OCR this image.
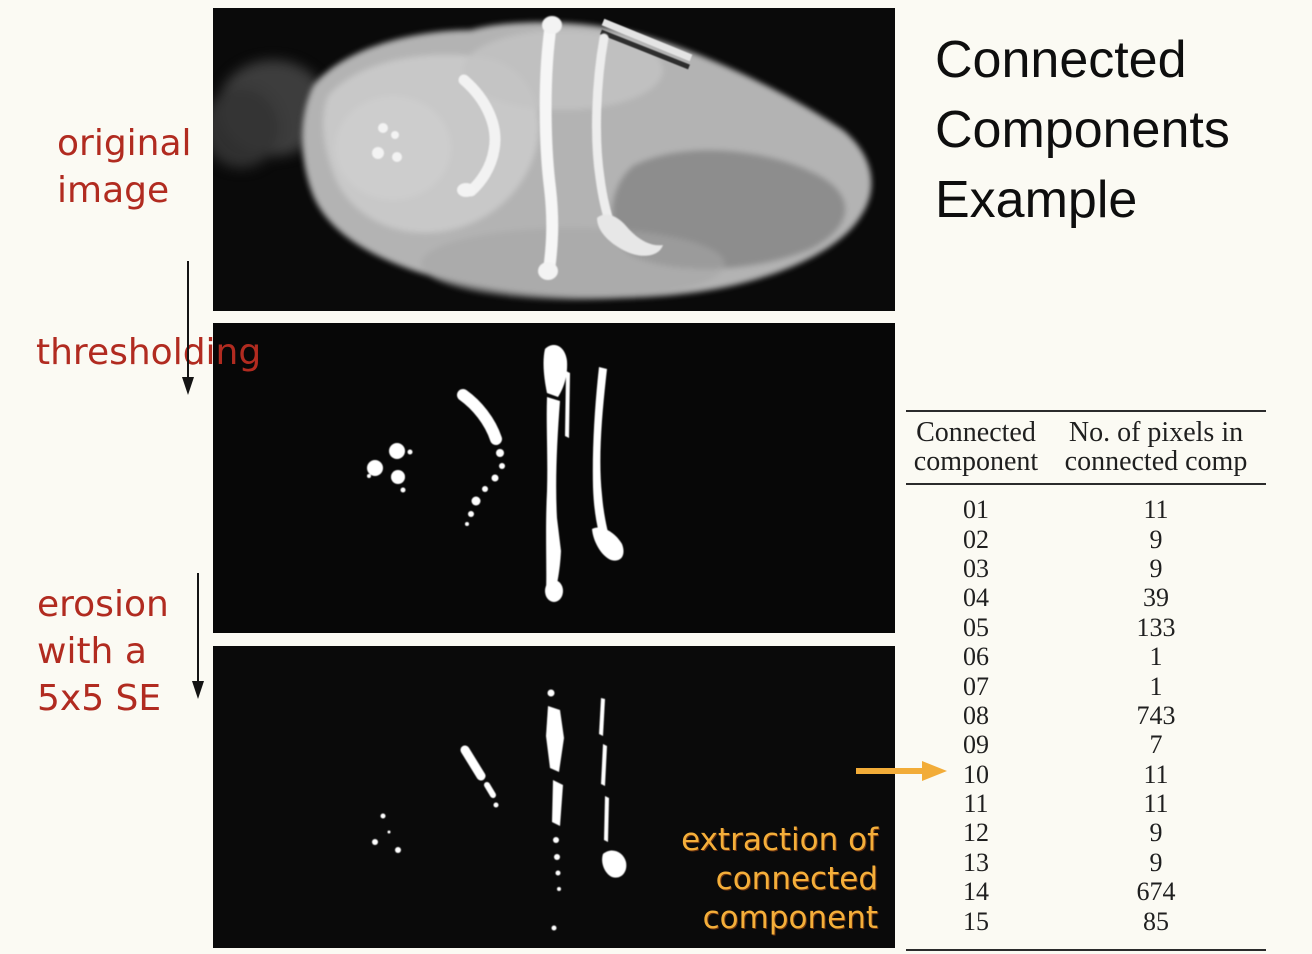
original
image
thresholding
erosion
with a
5x5 SE
Connected
Components
Example
extraction of
connected
component
Connected
component
No. of pixels in
connected comp
01	11
02	9
03	9
04	39
05	133
06	1
07	1
08	743
09	7
10	11
11	11
12	9
13	9
14	674
15	85
